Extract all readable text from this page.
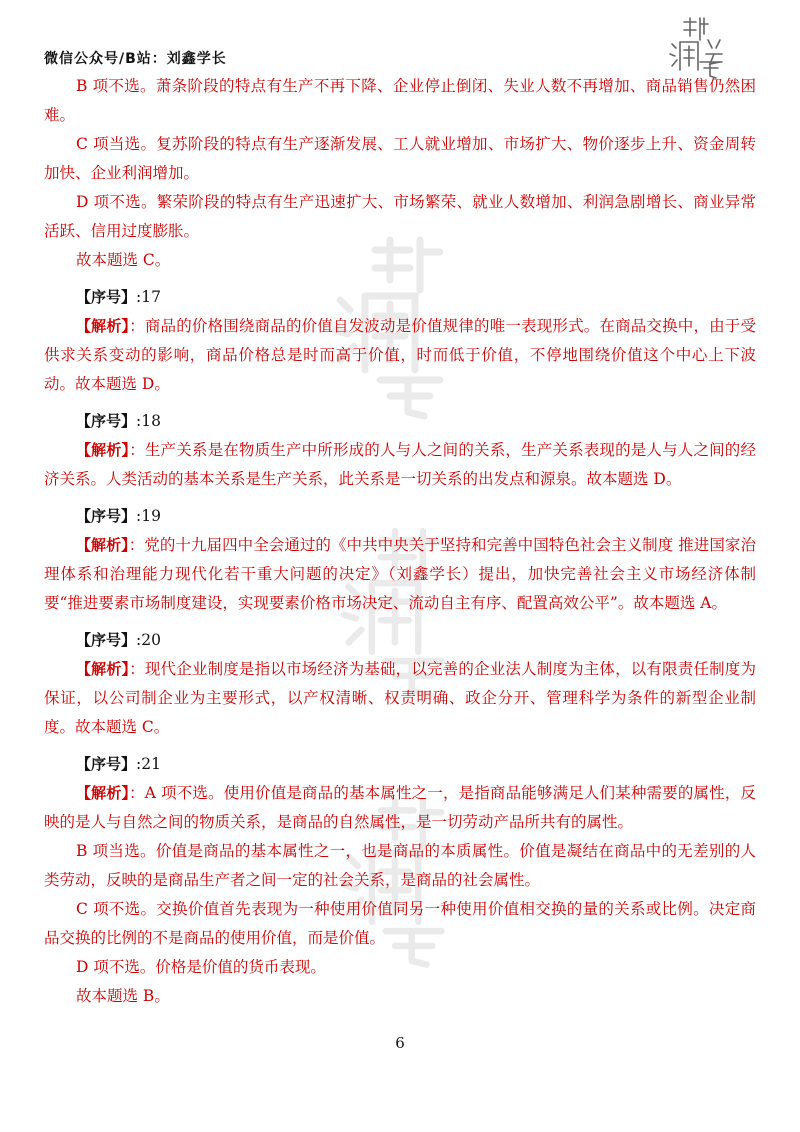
微信公众号/B站：刘鑫学长

B 项不选。萧条阶段的特点有生产不再下降、企业停止倒闭、失业人数不再增加、商品销售仍然困难。

C 项当选。复苏阶段的特点有生产逐渐发展、工人就业增加、市场扩大、物价逐步上升、资金周转加快、企业利润增加。

D 项不选。繁荣阶段的特点有生产迅速扩大、市场繁荣、就业人数增加、利润急剧增长、商业异常活跃、信用过度膨胀。

故本题选 C。

【序号】:17

【解析】：商品的价格围绕商品的价值自发波动是价值规律的唯一表现形式。在商品交换中，由于受供求关系变动的影响，商品价格总是时而高于价值，时而低于价值，不停地围绕价值这个中心上下波动。故本题选 D。

【序号】:18

【解析】：生产关系是在物质生产中所形成的人与人之间的关系，生产关系表现的是人与人之间的经济关系。人类活动的基本关系是生产关系，此关系是一切关系的出发点和源泉。故本题选 D。

【序号】:19

【解析】：党的十九届四中全会通过的《中共中央关于坚持和完善中国特色社会主义制度 推进国家治理体系和治理能力现代化若干重大问题的决定》（刘鑫学长）提出，加快完善社会主义市场经济体制要“推进要素市场制度建设，实现要素价格市场决定、流动自主有序、配置高效公平”。故本题选 A。

【序号】:20

【解析】：现代企业制度是指以市场经济为基础，以完善的企业法人制度为主体，以有限责任制度为保证，以公司制企业为主要形式，以产权清晰、权责明确、政企分开、管理科学为条件的新型企业制度。故本题选 C。

【序号】:21

【解析】：A 项不选。使用价值是商品的基本属性之一，是指商品能够满足人们某种需要的属性，反映的是人与自然之间的物质关系，是商品的自然属性，是一切劳动产品所共有的属性。

B 项当选。价值是商品的基本属性之一，也是商品的本质属性。价值是凝结在商品中的无差别的人类劳动，反映的是商品生产者之间一定的社会关系，是商品的社会属性。

C 项不选。交换价值首先表现为一种使用价值同另一种使用价值相交换的量的关系或比例。决定商品交换的比例的不是商品的使用价值，而是价值。

D 项不选。价格是价值的货币表现。

故本题选 B。

6
